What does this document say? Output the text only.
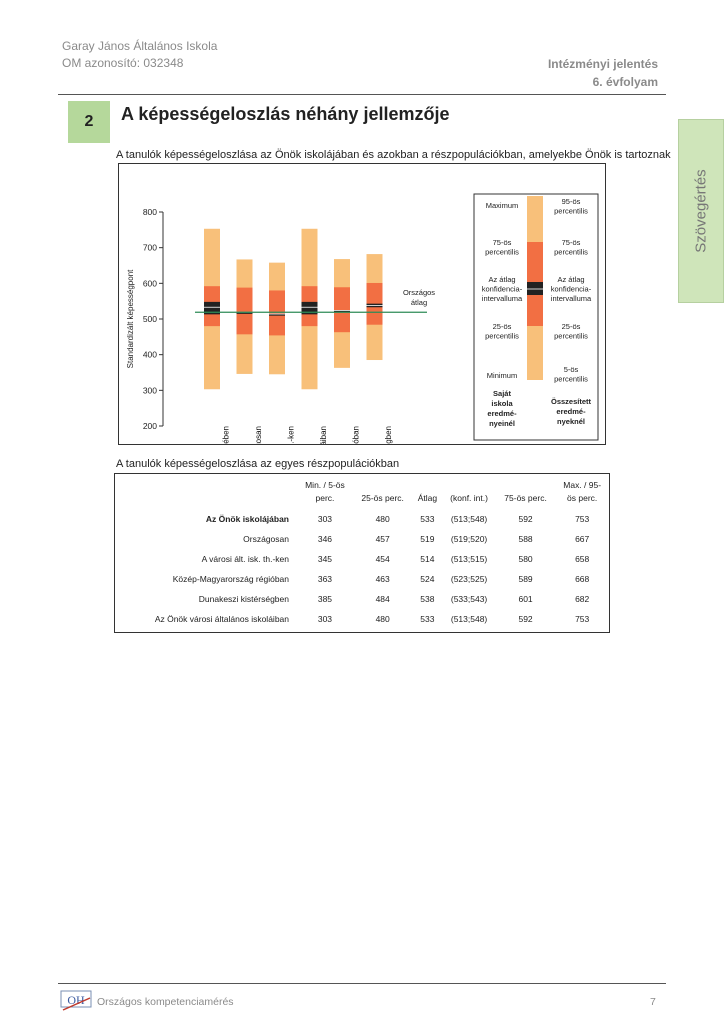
Garay János Általános Iskola
OM azonosító: 032348	Intézményi jelentés
6. évfolyam
2	A képességeloszlás néhány jellemzője
Szövegértés
A tanulók képességeloszlása az Önök iskolájában és azokban a részpopulációkban, amelyekbe Önök is tartoznak
200
300
400
500
600
700
800
Standardizált képességpont	Országos
átlag
Maximum
75-ös percentilis
Az átlag konfidencia-intervalluma
25-ös percentilis
Minimum
95-ös percentilis
75-ös percentilis
Az átlag konfidencia-intervalluma
25-ös percentilis
5-ös percentilis
Saját
iskola
eredmé-
nyeinél
Összesített
eredmé-
nyeknél
A tanulók képességeloszlása az egyes részpopulációkban
	Min. / 5-ös
perc.	25-ös perc.	Átlag	(konf. int.)	75-ös perc.	Max. / 95-
ös perc.
Az Önök iskolájában	303	480	533	(513;548)	592	753
Országosan	346	457	519	(519;520)	588	667
A városi ált. isk. th.-ken	345	454	514	(513;515)	580	658
Közép-Magyarország régióban	363	463	524	(523;525)	589	668
Dunakeszi kistérségben	385	484	538	(533;543)	601	682
Az Önök városi általános iskoláiban	303	480	533	(513;548)	592	753
OH Országos kompetenciamérés	7
